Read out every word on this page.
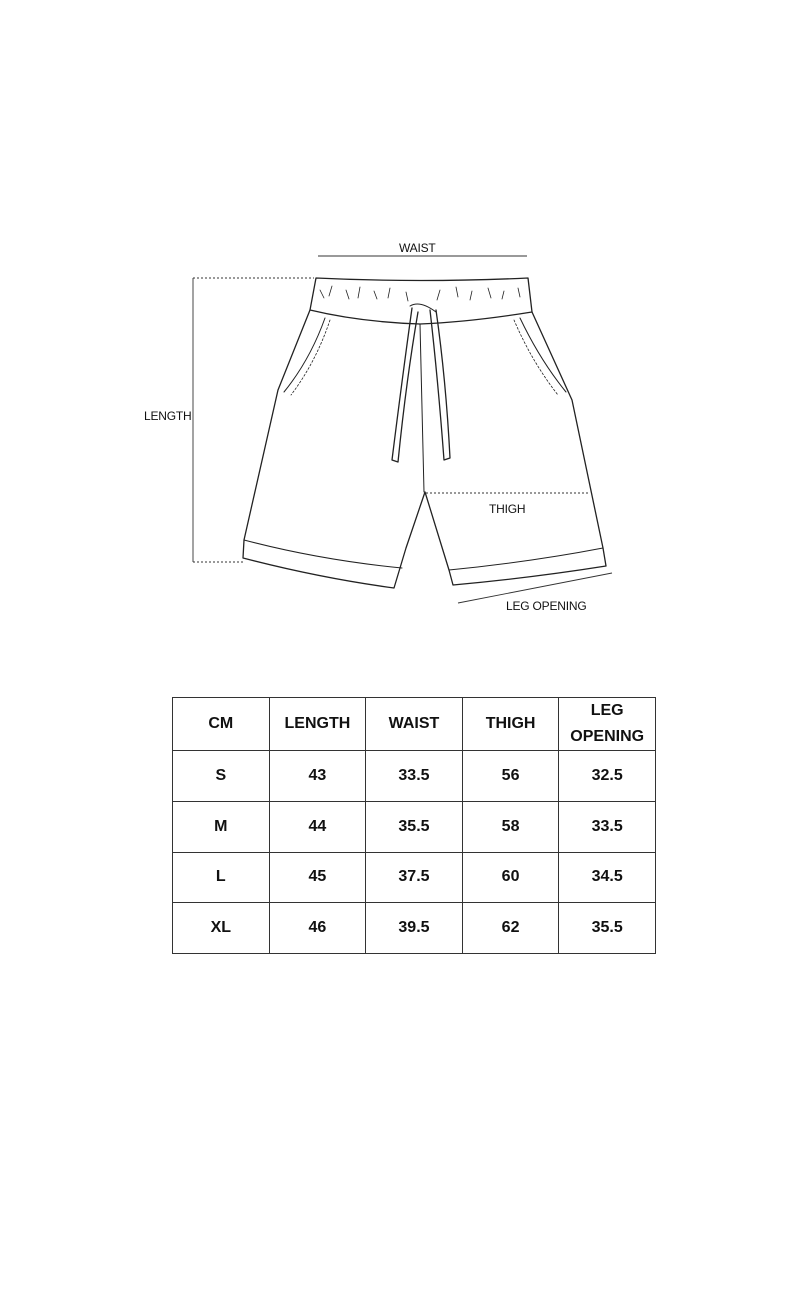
WAIST
LENGTH
THIGH
LEG OPENING
CM	LENGTH	WAIST	THIGH	LEG
OPENING
S	43	33.5	56	32.5
M	44	35.5	58	33.5
L	45	37.5	60	34.5
XL	46	39.5	62	35.5
